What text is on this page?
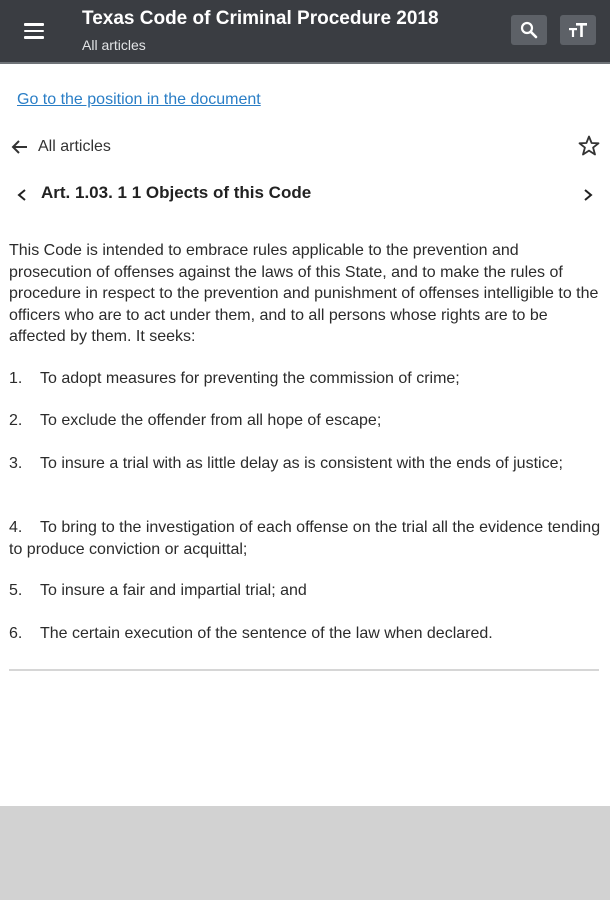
Texas Code of Criminal Procedure 2018
All articles
Go to the position in the document
All articles
Art. 1.03. 1 1 Objects of this Code

This Code is intended to embrace rules applicable to the prevention and prosecution of offenses against the laws of this State, and to make the rules of procedure in respect to the prevention and punishment of offenses intelligible to the officers who are to act under them, and to all persons whose rights are to be affected by them. It seeks:

1. To adopt measures for preventing the commission of crime;
2. To exclude the offender from all hope of escape;
3. To insure a trial with as little delay as is consistent with the ends of justice;
4. To bring to the investigation of each offense on the trial all the evidence tending to produce conviction or acquittal;
5. To insure a fair and impartial trial; and
6. The certain execution of the sentence of the law when declared.
